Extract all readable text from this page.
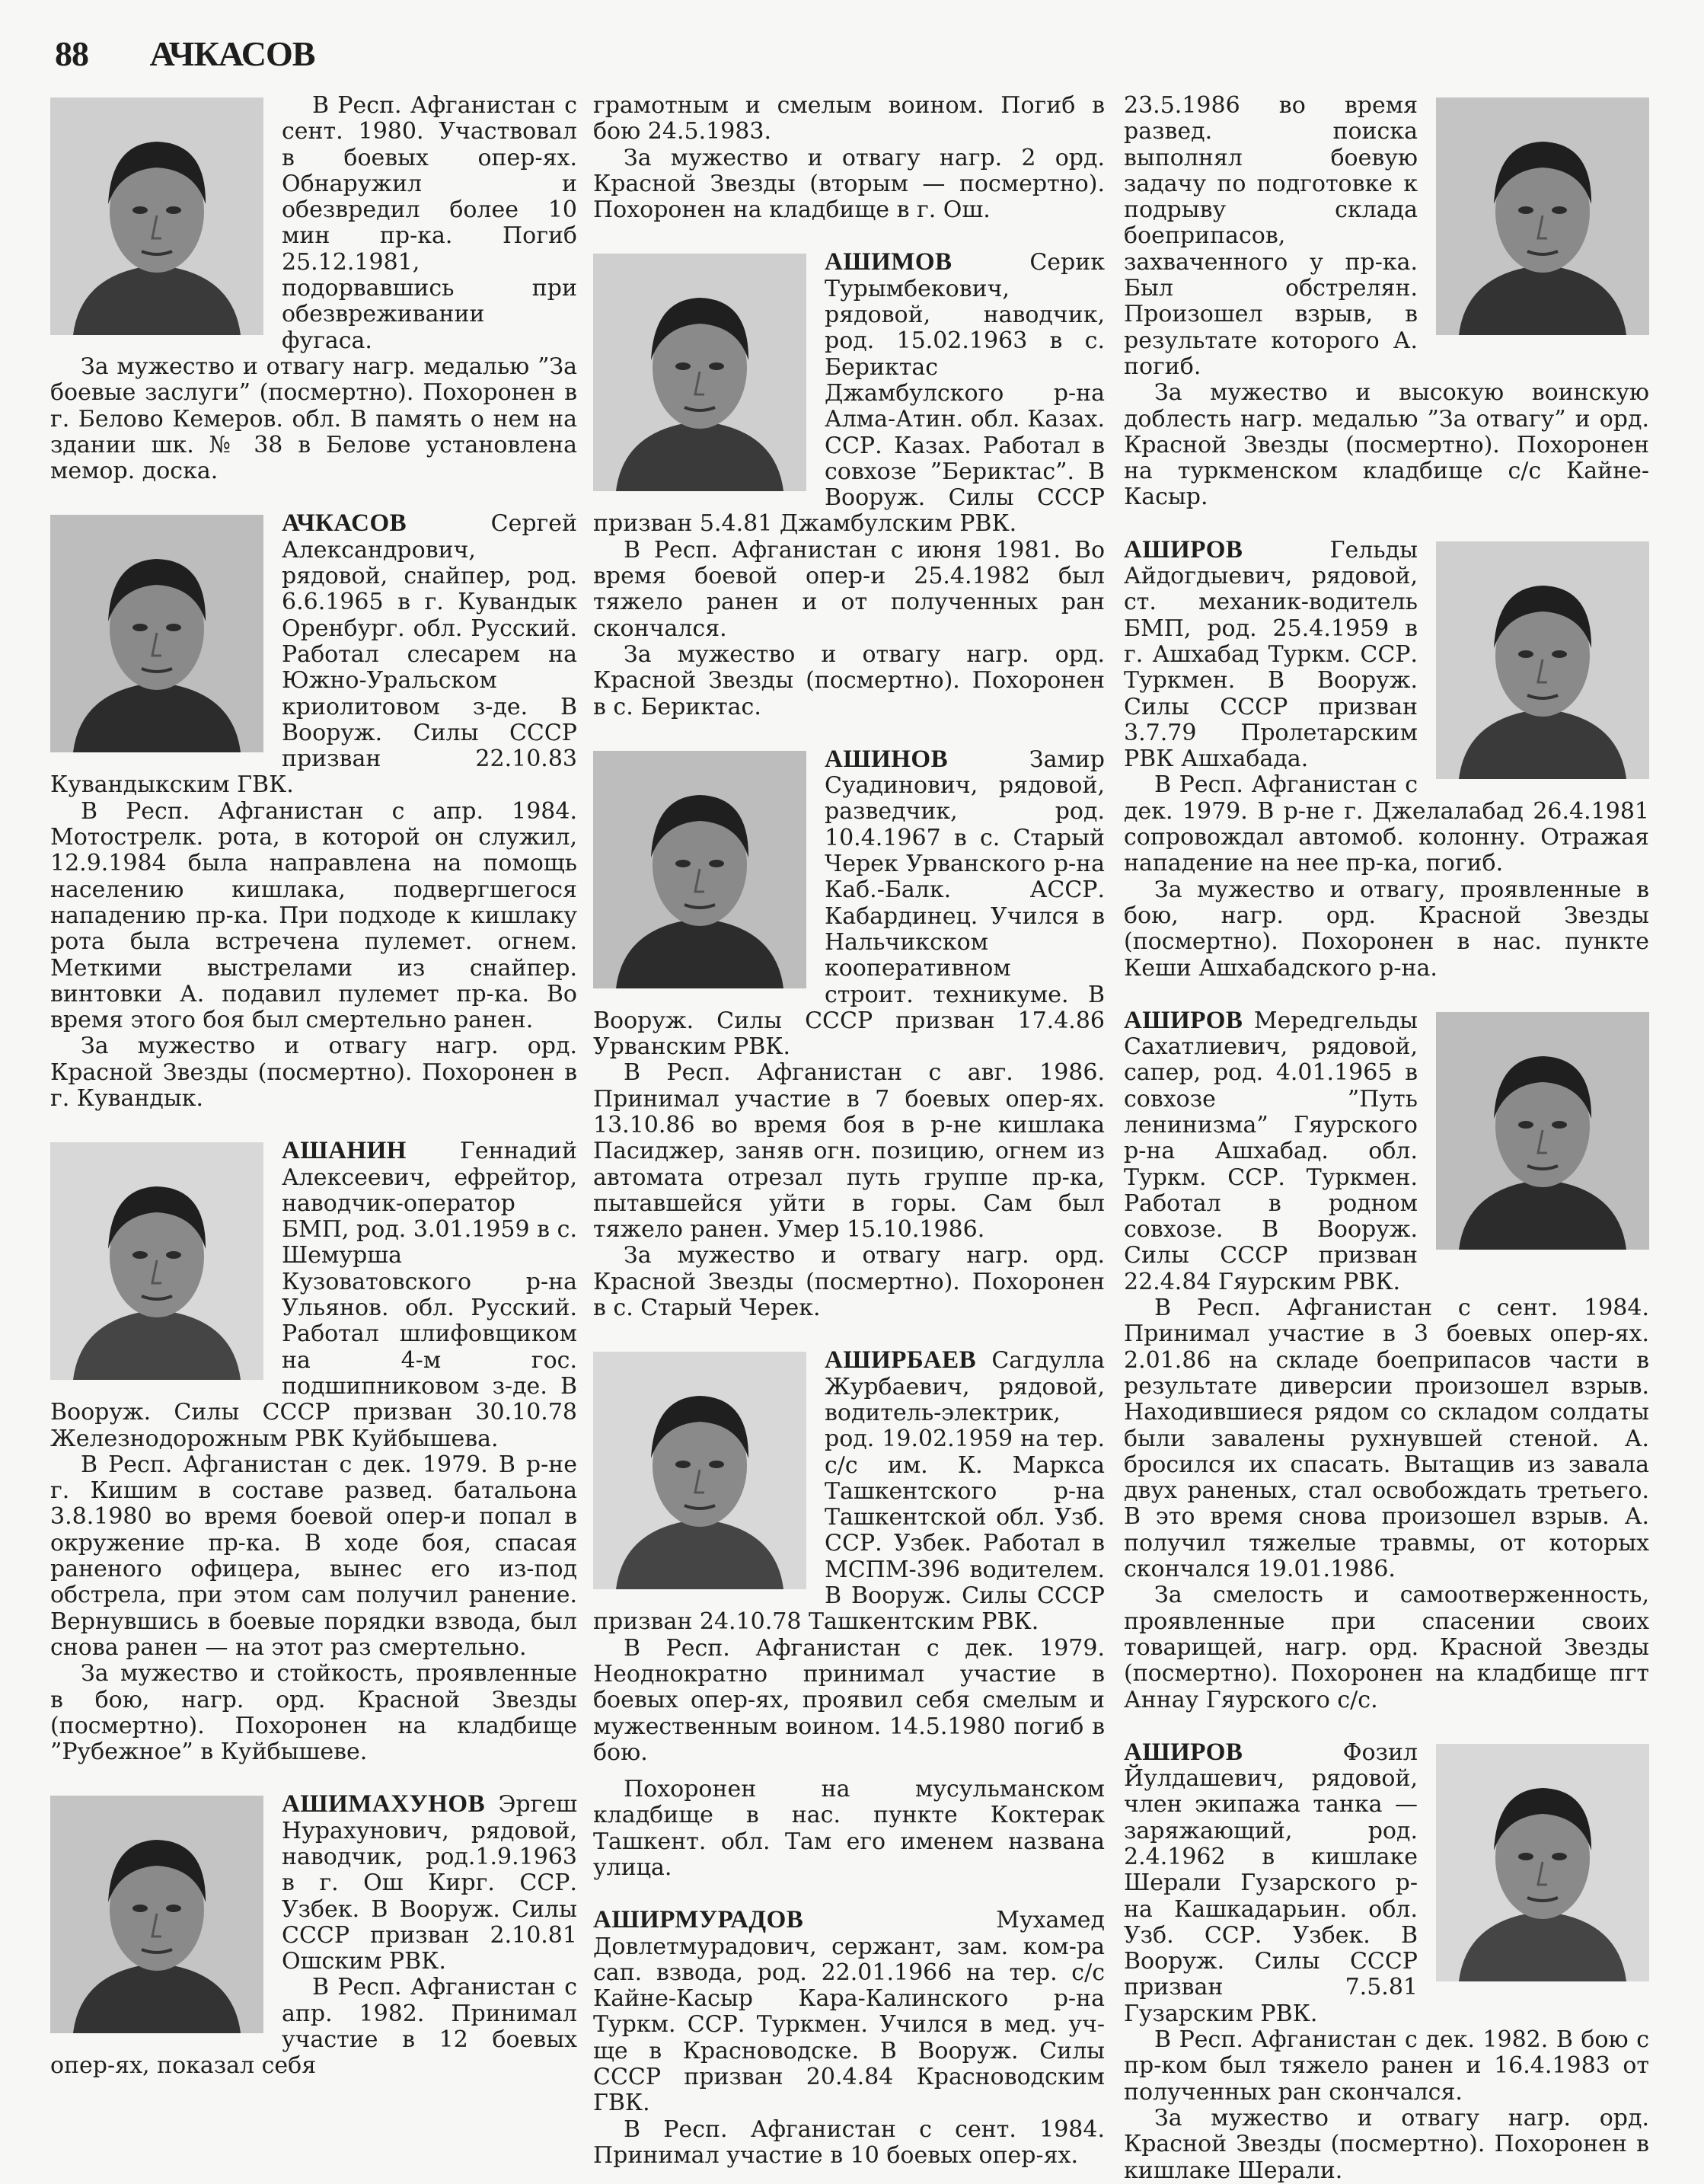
88 АЧКАСОВ

В Респ. Афганистан с сент. 1980. Участвовал в боевых опер-ях. Обнаружил и обезвредил более 10 мин пр-ка. Погиб 25.12.1981, подорвавшись при обезвреживании фугаса.

За мужество и отвагу нагр. медалью ”За боевые заслуги” (посмертно). Похоронен в г. Белово Кемеров. обл. В память о нем на здании шк. № 38 в Белове установлена мемор. доска.

АЧКАСОВ Сергей Александрович, рядовой, снайпер, род. 6.6.1965 в г. Кувандык Оренбург. обл. Русский. Работал слесарем на Южно-Уральском криолитовом з-де. В Вооруж. Силы СССР призван 22.10.83 Кувандыкским ГВК.

В Респ. Афганистан с апр. 1984. Мотострелк. рота, в которой он служил, 12.9.1984 была направлена на помощь населению кишлака, подвергшегося нападению пр-ка. При подходе к кишлаку рота была встречена пулемет. огнем. Меткими выстрелами из снайпер. винтовки А. подавил пулемет пр-ка. Во время этого боя был смертельно ранен.

За мужество и отвагу нагр. орд. Красной Звезды (посмертно). Похоронен в г. Кувандык.

АШАНИН Геннадий Алексеевич, ефрейтор, наводчик-оператор БМП, род. 3.01.1959 в с. Шемурша Кузоватовского р-на Ульянов. обл. Русский. Работал шлифовщиком на 4-м гос. подшипниковом з-де. В Вооруж. Силы СССР призван 30.10.78 Железнодорожным РВК Куйбышева.

В Респ. Афганистан с дек. 1979. В р-не г. Кишим в составе развед. батальона 3.8.1980 во время боевой опер-и попал в окружение пр-ка. В ходе боя, спасая раненого офицера, вынес его из-под обстрела, при этом сам получил ранение. Вернувшись в боевые порядки взвода, был снова ранен — на этот раз смертельно.

За мужество и стойкость, проявленные в бою, нагр. орд. Красной Звезды (посмертно). Похоронен на кладбище ”Рубежное” в Куйбышеве.

АШИМАХУНОВ Эргеш Нурахунович, рядовой, наводчик, род.1.9.1963 в г. Ош Кирг. ССР. Узбек. В Вооруж. Силы СССР призван 2.10.81 Ошским РВК.

В Респ. Афганистан с апр. 1982. Принимал участие в 12 боевых опер-ях, показал себя

грамотным и смелым воином. Погиб в бою 24.5.1983.

За мужество и отвагу нагр. 2 орд. Красной Звезды (вторым — посмертно). Похоронен на кладбище в г. Ош.

АШИМОВ Серик Турымбекович, рядовой, наводчик, род. 15.02.1963 в с. Бериктас Джамбулского р-на Алма-Атин. обл. Казах. ССР. Казах. Работал в совхозе ”Бериктас”. В Вооруж. Силы СССР призван 5.4.81 Джамбулским РВК.

В Респ. Афганистан с июня 1981. Во время боевой опер-и 25.4.1982 был тяжело ранен и от полученных ран скончался.

За мужество и отвагу нагр. орд. Красной Звезды (посмертно). Похоронен в с. Бериктас.

АШИНОВ Замир Суадинович, рядовой, разведчик, род. 10.4.1967 в с. Старый Черек Урванского р-на Каб.-Балк. АССР. Кабардинец. Учился в Нальчикском кооперативном строит. техникуме. В Вооруж. Силы СССР призван 17.4.86 Урванским РВК.

В Респ. Афганистан с авг. 1986. Принимал участие в 7 боевых опер-ях. 13.10.86 во время боя в р-не кишлака Пасиджер, заняв огн. позицию, огнем из автомата отрезал путь группе пр-ка, пытавшейся уйти в горы. Сам был тяжело ранен. Умер 15.10.1986.

За мужество и отвагу нагр. орд. Красной Звезды (посмертно). Похоронен в с. Старый Черек.

АШИРБАЕВ Сагдулла Журбаевич, рядовой, водитель-электрик, род. 19.02.1959 на тер. с/с им. К. Маркса Ташкентского р-на Ташкентской обл. Узб. ССР. Узбек. Работал в МСПМ-396 водителем. В Вооруж. Силы СССР призван 24.10.78 Ташкентским РВК.

В Респ. Афганистан с дек. 1979. Неоднократно принимал участие в боевых опер-ях, проявил себя смелым и мужественным воином. 14.5.1980 погиб в бою.

Похоронен на мусульманском кладбище в нас. пункте Коктерак Ташкент. обл. Там его именем названа улица.

АШИРМУРАДОВ Мухамед Довлетмурадович, сержант, зам. ком-ра сап. взвода, род. 22.01.1966 на тер. с/с Кайне-Касыр Кара-Калинского р-на Туркм. ССР. Туркмен. Учился в мед. уч-ще в Красноводске. В Вооруж. Силы СССР призван 20.4.84 Красноводским ГВК.

В Респ. Афганистан с сент. 1984. Принимал участие в 10 боевых опер-ях.

23.5.1986 во время развед. поиска выполнял боевую задачу по подготовке к подрыву склада боеприпасов, захваченного у пр-ка. Был обстрелян. Произошел взрыв, в результате которого А. погиб.

За мужество и высокую воинскую доблесть нагр. медалью ”За отвагу” и орд. Красной Звезды (посмертно). Похоронен на туркменском кладбище с/с Кайне-Касыр.

АШИРОВ Гельды Айдогдыевич, рядовой, ст. механик-водитель БМП, род. 25.4.1959 в г. Ашхабад Туркм. ССР. Туркмен. В Вооруж. Силы СССР призван 3.7.79 Пролетарским РВК Ашхабада.

В Респ. Афганистан с дек. 1979. В р-не г. Джелалабад 26.4.1981 сопровождал автомоб. колонну. Отражая нападение на нее пр-ка, погиб.

За мужество и отвагу, проявленные в бою, нагр. орд. Красной Звезды (посмертно). Похоронен в нас. пункте Кеши Ашхабадского р-на.

АШИРОВ Мередгельды Сахатлиевич, рядовой, сапер, род. 4.01.1965 в совхозе ”Путь ленинизма” Гяурского р-на Ашхабад. обл. Туркм. ССР. Туркмен. Работал в родном совхозе. В Вооруж. Силы СССР призван 22.4.84 Гяурским РВК.

В Респ. Афганистан с сент. 1984. Принимал участие в 3 боевых опер-ях. 2.01.86 на складе боеприпасов части в результате диверсии произошел взрыв. Находившиеся рядом со складом солдаты были завалены рухнувшей стеной. А. бросился их спасать. Вытащив из завала двух раненых, стал освобождать третьего. В это время снова произошел взрыв. А. получил тяжелые травмы, от которых скончался 19.01.1986.

За смелость и самоотверженность, проявленные при спасении своих товарищей, нагр. орд. Красной Звезды (посмертно). Похоронен на кладбище пгт Аннау Гяурского с/с.

АШИРОВ Фозил Йулдашевич, рядовой, член экипажа танка — заряжающий, род. 2.4.1962 в кишлаке Шерали Гузарского р-на Кашкадарьин. обл. Узб. ССР. Узбек. В Вооруж. Силы СССР призван 7.5.81 Гузарским РВК.

В Респ. Афганистан с дек. 1982. В бою с пр-ком был тяжело ранен и 16.4.1983 от полученных ран скончался.

За мужество и отвагу нагр. орд. Красной Звезды (посмертно). Похоронен в кишлаке Шерали.
